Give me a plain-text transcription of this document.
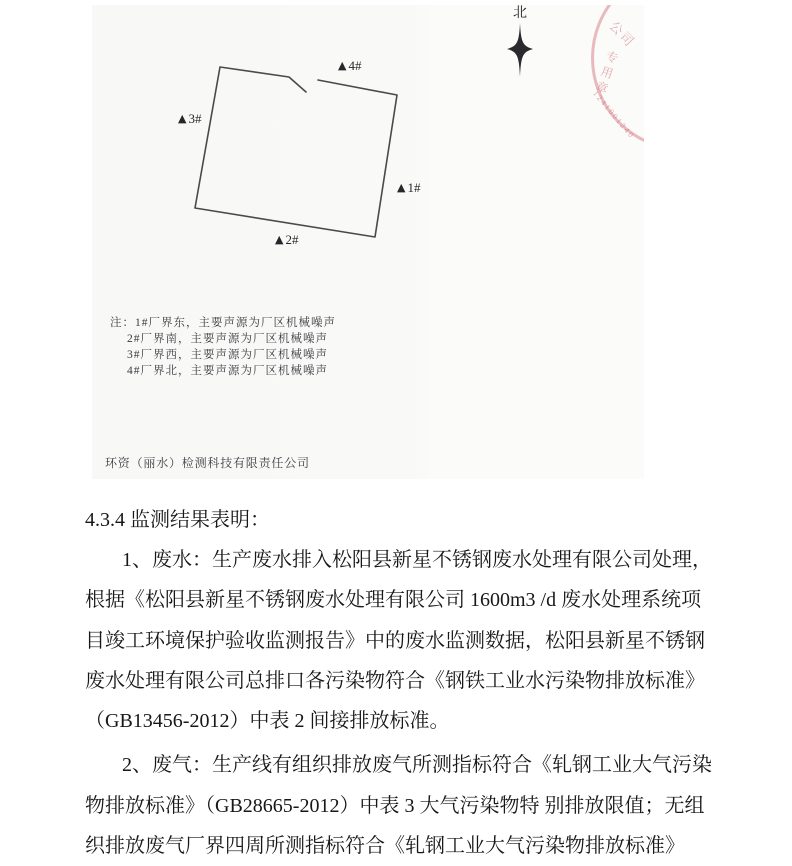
▲ 1#
▲ 2#
▲ 3#
▲ 4#
北
公司
专用章
1241001240
注：1#厂界东，主要声源为厂区机械噪声
2#厂界南，主要声源为厂区机械噪声
3#厂界西，主要声源为厂区机械噪声
4#厂界北，主要声源为厂区机械噪声
环资（丽水）检测科技有限责任公司
4.3.4 监测结果表明：
1、废水：生产废水排入松阳县新星不锈钢废水处理有限公司处理，
根据《松阳县新星不锈钢废水处理有限公司 1600m3 /d 废水处理系统项
目竣工环境保护验收监测报告》中的废水监测数据，松阳县新星不锈钢
废水处理有限公司总排口各污染物符合《钢铁工业水污染物排放标准》
（GB13456-2012）中表 2 间接排放标准。
2、废气：生产线有组织排放废气所测指标符合《轧钢工业大气污染
物排放标准》（GB28665-2012）中表 3 大气污染物特 别排放限值；无组
织排放废气厂界四周所测指标符合《轧钢工业大气污染物排放标准》
